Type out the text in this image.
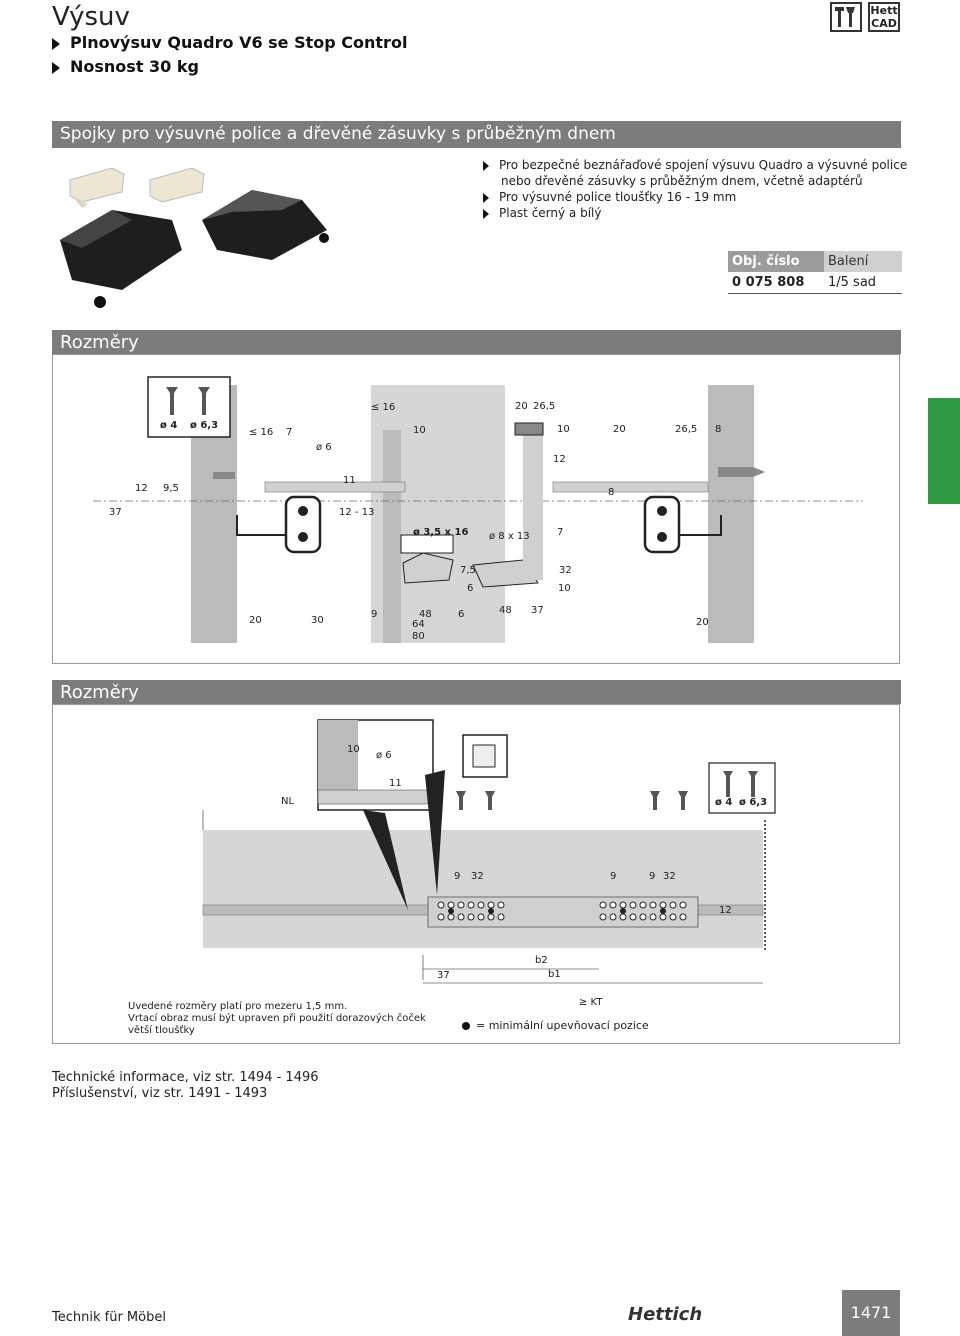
Výsuv
Plnovýsuv Quadro V6 se Stop Control
Nosnost 30 kg
Hett
CAD
Spojky pro výsuvné police a dřevěné zásuvky s průběžným dnem
Pro bezpečné beznářaďové spojení výsuvu Quadro a výsuvné police
nebo dřevěné zásuvky s průběžným dnem, včetně adaptérů
Pro výsuvné police tloušťky 16 - 19 mm
Plast černý a bílý
Obj. číslo	Balení
0 075 808	1/5 sad
Rozměry
ø 4 ø 6,3
≤ 16 7
ø 6
≤ 16
10
20 26,5
10
12
20	26,5 8
12 9,5
11
37
8
12 - 13
ø 3,5 x 16 ø 8 x 13	7
7,5	32
6	10
9	48	6	48 37
64
80
20	30	20
Rozměry
10
ø 6
11
NL	ø 4 ø 6,3
9 32	9	9 32
12
b2
37	b1
≥ KT
Uvedené rozměry platí pro mezeru 1,5 mm.
Vrtací obraz musí být upraven při použití dorazových čoček
větší tloušťky	= minimální upevňovací pozice
Technické informace, viz str. 1494 - 1496
Příslušenství, viz str. 1491 - 1493
Technik für Möbel	Hettich	1471
